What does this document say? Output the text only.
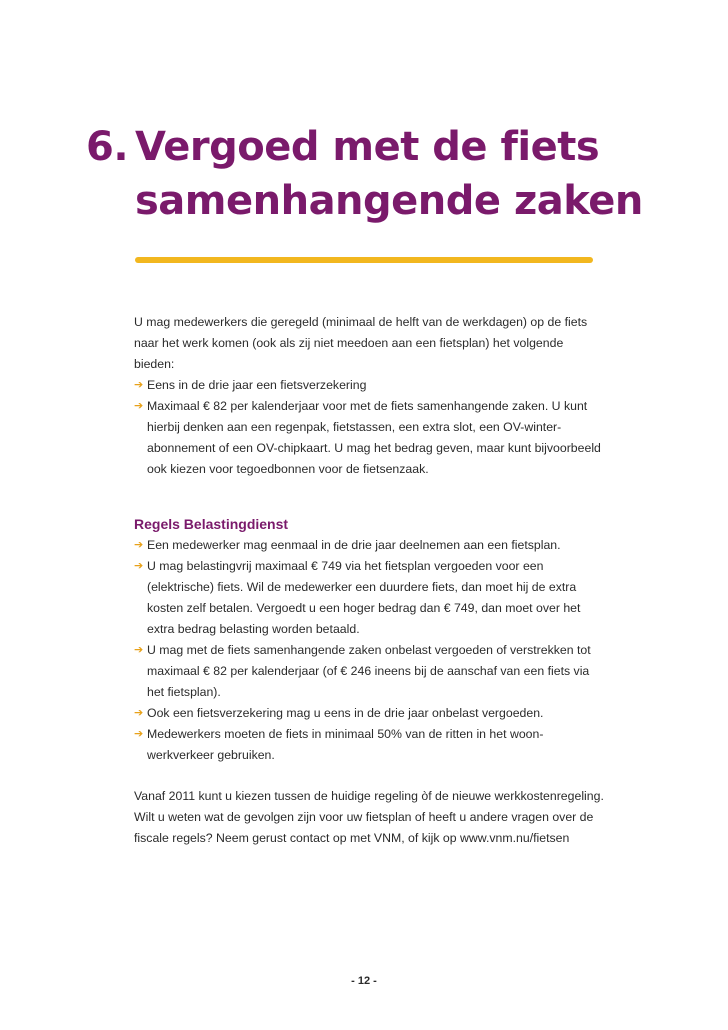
6. Vergoed met de fiets
samenhangende zaken

U mag medewerkers die geregeld (minimaal de helft van de werkdagen) op de fiets naar het werk komen (ook als zij niet meedoen aan een fietsplan) het volgende bieden:

➔ Eens in de drie jaar een fietsverzekering
➔ Maximaal € 82 per kalenderjaar voor met de fiets samenhangende zaken. U kunt hierbij denken aan een regenpak, fietstassen, een extra slot, een OV-winter-abonnement of een OV-chipkaart. U mag het bedrag geven, maar kunt bijvoorbeeld ook kiezen voor tegoedbonnen voor de fietsenzaak.

Regels Belastingdienst

➔ Een medewerker mag eenmaal in de drie jaar deelnemen aan een fietsplan.
➔ U mag belastingvrij maximaal € 749 via het fietsplan vergoeden voor een (elektrische) fiets. Wil de medewerker een duurdere fiets, dan moet hij de extra kosten zelf betalen. Vergoedt u een hoger bedrag dan € 749, dan moet over het extra bedrag belasting worden betaald.
➔ U mag met de fiets samenhangende zaken onbelast vergoeden of verstrekken tot maximaal € 82 per kalenderjaar (of € 246 ineens bij de aanschaf van een fiets via het fietsplan).
➔ Ook een fietsverzekering mag u eens in de drie jaar onbelast vergoeden.
➔ Medewerkers moeten de fiets in minimaal 50% van de ritten in het woon-werkverkeer gebruiken.

Vanaf 2011 kunt u kiezen tussen de huidige regeling òf de nieuwe werkkostenregeling. Wilt u weten wat de gevolgen zijn voor uw fietsplan of heeft u andere vragen over de fiscale regels? Neem gerust contact op met VNM, of kijk op www.vnm.nu/fietsen

- 12 -
